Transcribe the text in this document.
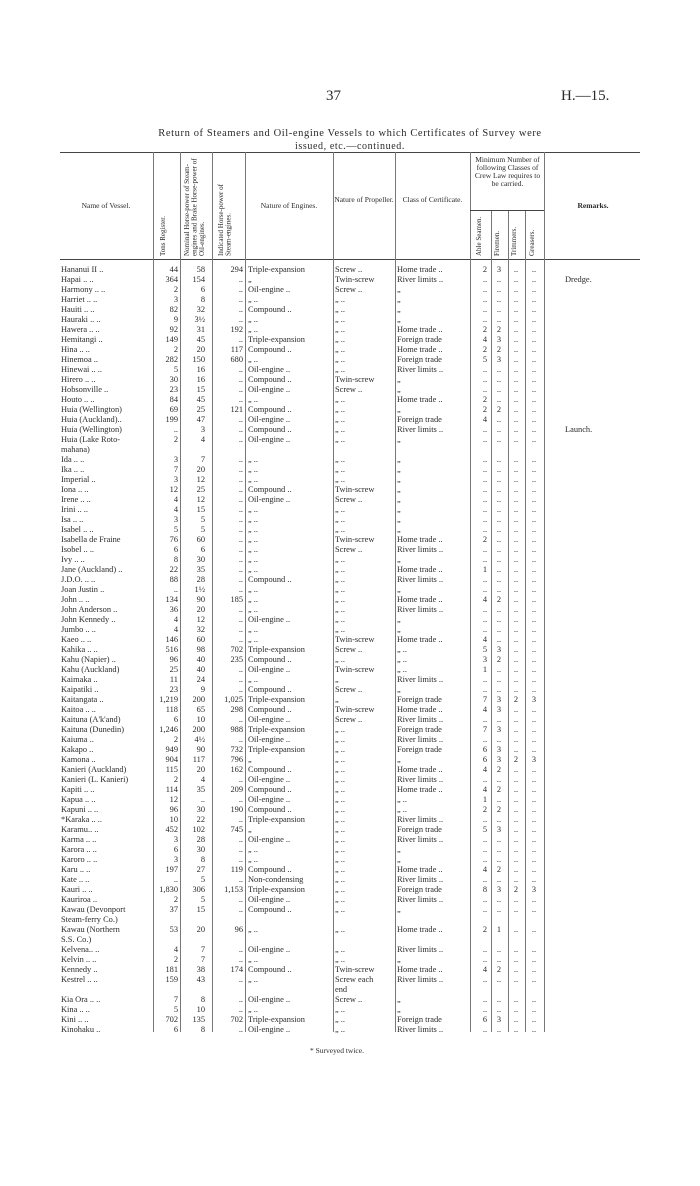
37	H.—15.
Return of Steamers and Oil-engine Vessels to which Certificates of Survey were
issued, etc.—continued.
Name of Vessel.
Tons Register. Nominal Horse-power of Steam-engines and Brake Horse-power of Oil-engines.	Indicated Horse-power of Steam-engines.
Nature of Engines.
Nature of Propeller.	Class of Certificate.
Minimum Number of following Classes of Crew Law requires to be carried.
Able Seamen. Firemen. Trimmers. Greasers.
Remarks.
Hananui II ..	44	58	294 Triple-expansion	Screw ..	Home trade ..	2 3 .. ..
Hapai .. ..	364	154	.. „	Twin-screw	River limits ..	.. .. .. ..	Dredge.
Harmony .. ..	2	6	.. Oil-engine ..	Screw ..	„	.. .. .. ..
Harriet .. ..	3	8	.. „ ..	„ ..	„	.. .. .. ..
Hauiti .. ..	82	32	.. Compound ..	„ ..	„	.. .. .. ..
Hauraki .. ..	9	3½	.. „ ..	„ ..	„	.. .. .. ..
Hawera .. ..	92	31	192 „ ..	„ ..	Home trade ..	2 2 .. ..
Hemitangi ..	149	45	.. Triple-expansion	„ ..	Foreign trade	4 3 .. ..
Hina .. ..	2	20	117 Compound ..	„ ..	Home trade ..	2 2 .. ..
Hinemoa ..	282	150	680 „ ..	„ ..	Foreign trade	5 3 .. ..
Hinewai .. ..	5	16	.. Oil-engine ..	„ ..	River limits ..	.. .. .. ..
Hirero .. ..	30	16	.. Compound ..	Twin-screw	„	.. .. .. ..
Hobsonville ..	23	15	.. Oil-engine ..	Screw ..	„	.. .. .. ..
Houto .. ..	84	45	.. „ ..	„ ..	Home trade ..	2 .. .. ..
Huia (Wellington)	69	25	121 Compound ..	„ ..	„	2 2 .. ..
Huia (Auckland)..	199	47	.. Oil-engine ..	„ ..	Foreign trade	4 .. .. ..
Huia (Wellington)	..	3	.. Compound ..	„ ..	River limits ..	.. .. .. ..	Launch.
Huia (Lake Roto-	2	4	.. Oil-engine ..	„ ..	„	.. .. .. ..
mahana)
Ida .. ..	3	7	.. „ ..	„ ..	„	.. .. .. ..
Ika .. ..	7	20	.. „ ..	„ ..	„	.. .. .. ..
Imperial ..	3	12	.. „ ..	„ ..	„	.. .. .. ..
Iona .. ..	12	25	.. Compound ..	Twin-screw	„	.. .. .. ..
Irene .. ..	4	12	.. Oil-engine ..	Screw ..	„	.. .. .. ..
Irini .. ..	4	15	.. „ ..	„ ..	„	.. .. .. ..
Isa .. ..	3	5	.. „ ..	„ ..	„	.. .. .. ..
Isabel .. ..	5	5	.. „ ..	„ ..	„	.. .. .. ..
Isabella de Fraine	76	60	.. „ ..	Twin-screw	Home trade ..	2 .. .. ..
Isobel .. ..	6	6	.. „ ..	Screw ..	River limits ..	.. .. .. ..
Ivy .. ..	8	30	.. „ ..	„ ..	„	.. .. .. ..
Jane (Auckland) ..	22	35	.. „ ..	„ ..	Home trade ..	1 .. .. ..
J.D.O. .. ..	88	28	.. Compound ..	„ ..	River limits ..	.. .. .. ..
Joan Justin ..	..	1½	.. „ ..	„ ..	„	.. .. .. ..
John .. ..	134	90	185 „ ..	„ ..	Home trade ..	4 2 .. ..
John Anderson ..	36	20	.. „ ..	„ ..	River limits ..	.. .. .. ..
John Kennedy ..	4	12	.. Oil-engine ..	„ ..	„	.. .. .. ..
Jumbo .. ..	4	32	.. „ ..	„ ..	„	.. .. .. ..
Kaeo .. ..	146	60	.. „ ..	Twin-screw	Home trade ..	4 .. .. ..
Kahika .. ..	516	98	702 Triple-expansion	Screw ..	„ ..	5 3 .. ..
Kahu (Napier) ..	96	40	235 Compound ..	„ ..	„ ..	3 2 .. ..
Kahu (Auckland)	25	40	.. Oil-engine ..	Twin-screw	„ ..	1 .. .. ..
Kaimaka ..	11	24	.. „ ..	„	River limits ..	.. .. .. ..
Kaipatiki ..	23	9	.. Compound ..	Screw ..	„	.. .. .. ..
Kaitangata ..	1,219	200	1,025 Triple-expansion	„	Foreign trade	7 3 2 3
Kaitoa .. ..	118	65	298 Compound ..	Twin-screw	Home trade ..	4 3 .. ..
Kaituna (A'k'and)	6	10	.. Oil-engine ..	Screw ..	River limits ..	.. .. .. ..
Kaituna (Dunedin)	1,246	200	988 Triple-expansion	„ ..	Foreign trade	7 3 .. ..
Kaiuma ..	2	4½	.. Oil-engine ..	„ ..	River limits ..	.. .. .. ..
Kakapo ..	949	90	732 Triple-expansion	„ ..	Foreign trade	6 3 .. ..
Kamona ..	904	117	796 „	„ ..	„	6 3 2 3
Kanieri (Auckland)	115	20	162 Compound ..	„ ..	Home trade ..	4 2 .. ..
Kanieri (L. Kanieri)	2	4	.. Oil-engine ..	„ ..	River limits ..	.. .. .. ..
Kapiti .. ..	114	35	209 Compound ..	„ ..	Home trade ..	4 2 .. ..
Kapua .. ..	12	..	.. Oil-engine ..	„ ..	„ ..	1 .. .. ..
Kapuni .. ..	96	30	190 Compound ..	„ ..	„ ..	2 2 .. ..
*Karaka .. ..	10	22	.. Triple-expansion	„ ..	River limits ..	.. .. .. ..
Karamu.. ..	452	102	745 „	„ ..	Foreign trade	5 3 .. ..
Karma .. ..	3	28	.. Oil-engine ..	„ ..	River limits ..	.. .. .. ..
Karora .. ..	6	30	.. „ ..	„ ..	„	.. .. .. ..
Karoro .. ..	3	8	.. „ ..	„ ..	„	.. .. .. ..
Karu .. ..	197	27	119 Compound ..	„ ..	Home trade ..	4 2 .. ..
Kate .. ..	..	5	.. Non-condensing	„ ..	River limits ..	.. .. .. ..
Kauri .. ..	1,830	306	1,153 Triple-expansion	„ ..	Foreign trade	8 3 2 3
Kauriroa ..	2	5	.. Oil-engine ..	„ ..	River limits ..	.. .. .. ..
Kawau (Devonport	37	15	.. Compound ..	„ ..	„	.. .. .. ..
Steam-ferry Co.)
Kawau (Northern	53	20	96 „ ..	„ ..	Home trade ..	2 1 .. ..
S.S. Co.)
Kelvena.. ..	4	7	.. Oil-engine ..	„ ..	River limits ..	.. .. .. ..
Kelvin .. ..	2	7	.. „ ..	„ ..	„	.. .. .. ..
Kennedy ..	181	38	174 Compound ..	Twin-screw	Home trade ..	4 2 .. ..
Kestrel .. ..	159	43	.. „ ..	Screw each	River limits ..	.. .. .. ..
end
Kia Ora .. ..	7	8	.. Oil-engine ..	Screw ..	„	.. .. .. ..
Kina .. ..	5	10	.. „ ..	„ ..	„	.. .. .. ..
Kini .. ..	702	135	702 Triple-expansion	„ ..	Foreign trade	6 3 .. ..
Kinohaku ..	6	8	.. Oil-engine ..	„ ..	River limits ..	.. .. .. ..
* Surveyed twice.
